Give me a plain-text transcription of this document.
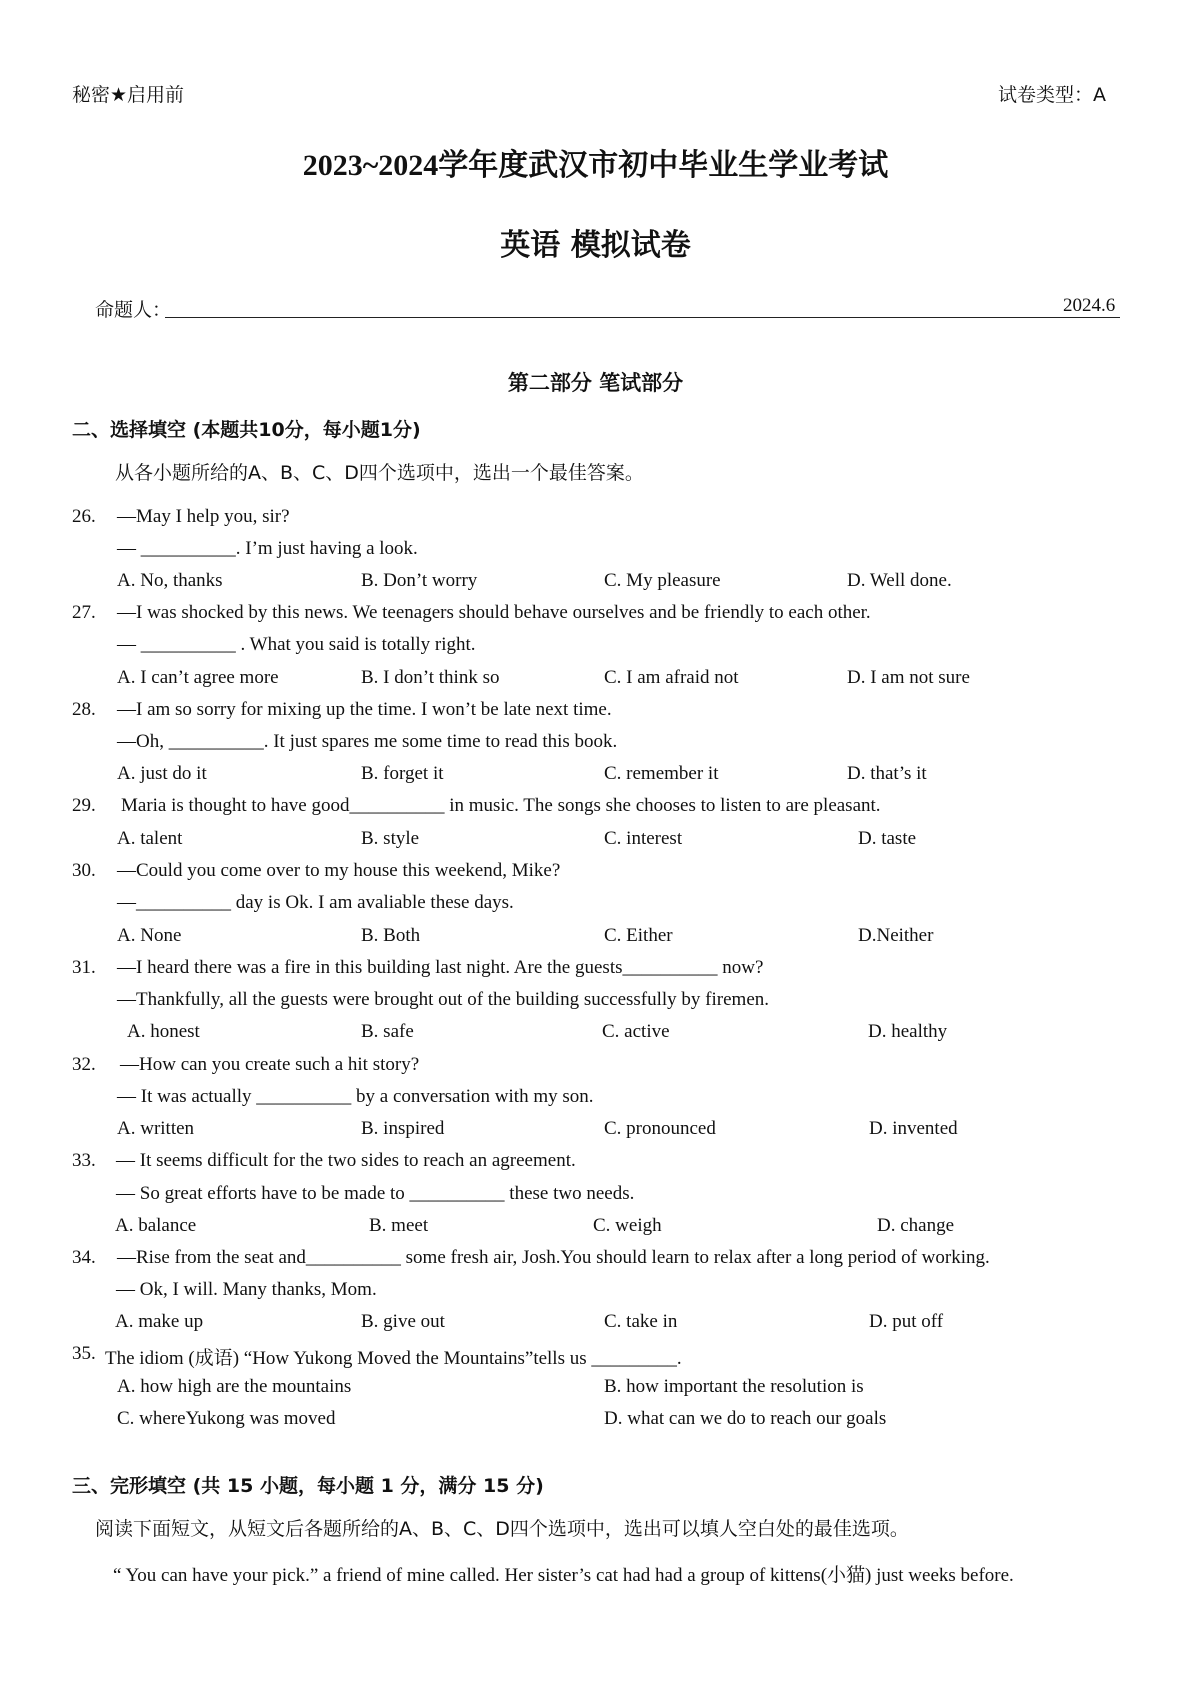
秘密★启用前	试卷类型：A
2023~2024学年度武汉市初中毕业生学业考试
英语 模拟试卷
命题人：	2024.6
第二部分 笔试部分
二、选择填空 (本题共10分，每小题1分)
从各小题所给的A、B、C、D四个选项中，选出一个最佳答案。
26. —May I help you, sir?
— __________. I’m just having a look.
A. No, thanks	B. Don’t worry	C. My pleasure	D. Well done.
27. —I was shocked by this news. We teenagers should behave ourselves and be friendly to each other.
— __________ . What you said is totally right.
A. I can’t agree more	B. I don’t think so	C. I am afraid not	D. I am not sure
28. —I am so sorry for mixing up the time. I won’t be late next time.
—Oh, __________. It just spares me some time to read this book.
A. just do it	B. forget it	C. remember it	D. that’s it
29. Maria is thought to have good__________ in music. The songs she chooses to listen to are pleasant.
A. talent	B. style	C. interest	D. taste
30. —Could you come over to my house this weekend, Mike?
—__________ day is Ok. I am avaliable these days.
A. None	B. Both	C. Either	D.Neither
31. —I heard there was a fire in this building last night. Are the guests__________ now?
—Thankfully, all the guests were brought out of the building successfully by firemen.
A. honest	B. safe	C. active	D. healthy
32. —How can you create such a hit story?
— It was actually __________ by a conversation with my son.
A. written	B. inspired	C. pronounced	D. invented
33. — It seems difficult for the two sides to reach an agreement.
— So great efforts have to be made to __________ these two needs.
A. balance	B. meet	C. weigh	D. change
34. —Rise from the seat and__________ some fresh air, Josh.You should learn to relax after a long period of working.
— Ok, I will. Many thanks, Mom.
A. make up	B. give out	C. take in	D. put off
35. The idiom (成语) “How Yukong Moved the Mountains”tells us _________.
A. how high are the mountains	B. how important the resolution is
C. whereYukong was moved	D. what can we do to reach our goals
三、完形填空 (共 15 小题，每小题 1 分，满分 15 分)
阅读下面短文，从短文后各题所给的A、B、C、D四个选项中，选出可以填人空白处的最佳选项。
“ You can have your pick.” a friend of mine called. Her sister’s cat had had a group of kittens(小猫) just weeks before.
